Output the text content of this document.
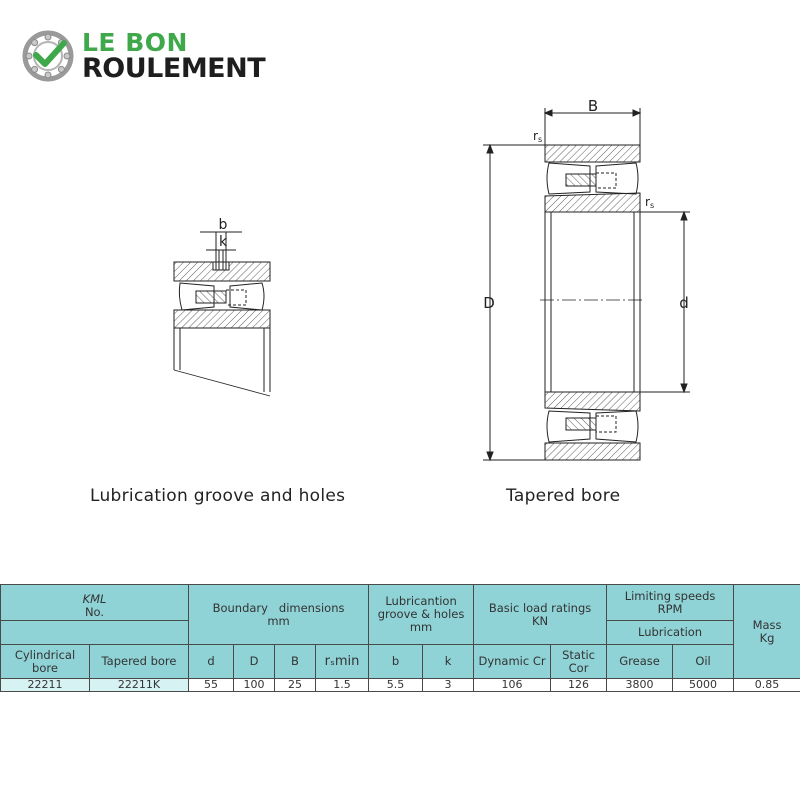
LE BON
ROULEMENT
b
k
B
D	d
rs
rs
Lubrication groove and holes	Tapered bore
KML
No.		Boundary   dimensions
mm				Lubricantion groove & holes
mm		Basic load ratings
KN		Limiting speeds
RPM		Mass
Kg
										Lubrication		
Cylindrical bore	Tapered bore	d	D	B	rₛmin	b	k	Dynamic Cr	Static Cor	Grease	Oil	
22211	22211K	55	100	25	1.5	5.5	3	106	126	3800	5000	0.85
